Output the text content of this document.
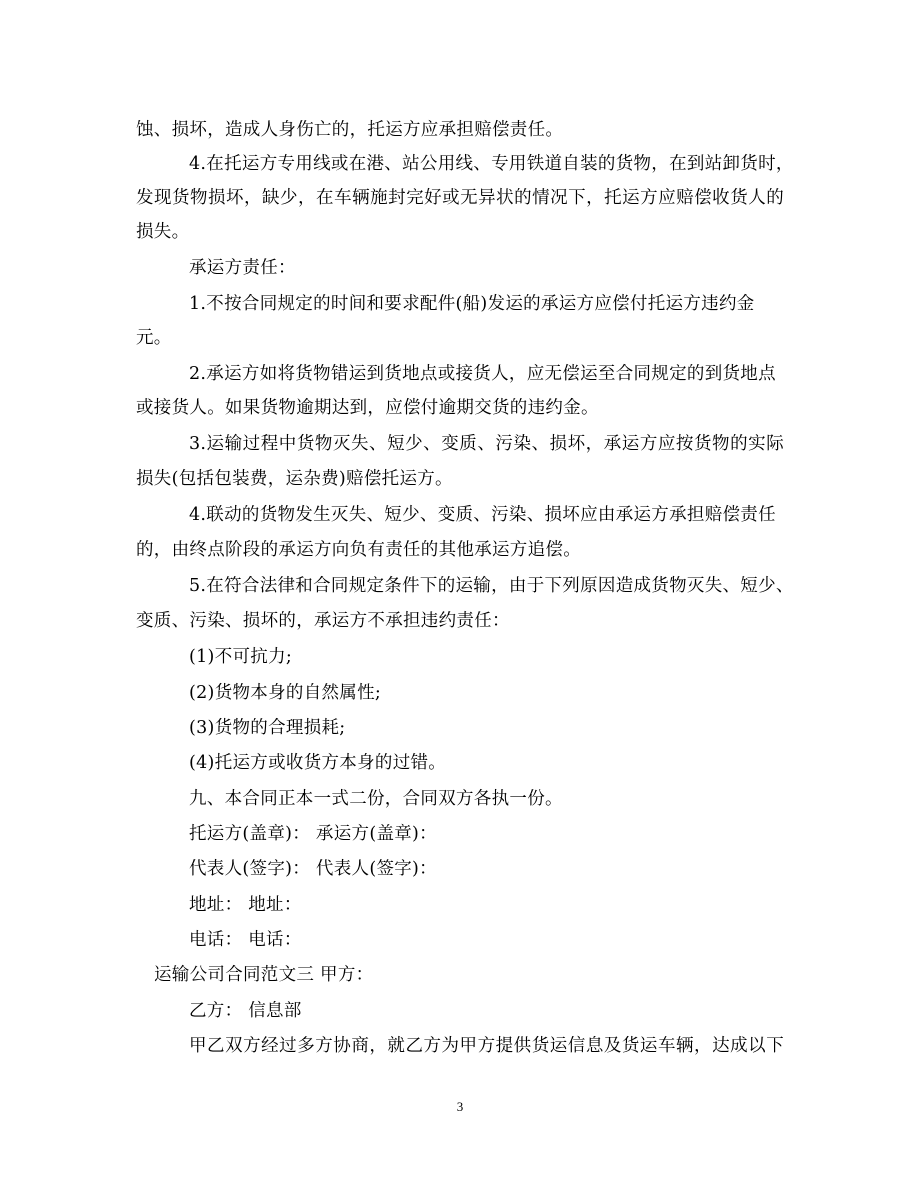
蚀、损坏，造成人身伤亡的，托运方应承担赔偿责任。
4.在托运方专用线或在港、站公用线、专用铁道自装的货物，在到站卸货时，
发现货物损坏，缺少，在车辆施封完好或无异状的情况下，托运方应赔偿收货人的
损失。
承运方责任：
1.不按合同规定的时间和要求配件(船)发运的承运方应偿付托运方违约金
元。
2.承运方如将货物错运到货地点或接货人，应无偿运至合同规定的到货地点
或接货人。如果货物逾期达到，应偿付逾期交货的违约金。
3.运输过程中货物灭失、短少、变质、污染、损坏，承运方应按货物的实际
损失(包括包装费，运杂费)赔偿托运方。
4.联动的货物发生灭失、短少、变质、污染、损坏应由承运方承担赔偿责任
的，由终点阶段的承运方向负有责任的其他承运方追偿。
5.在符合法律和合同规定条件下的运输，由于下列原因造成货物灭失、短少、
变质、污染、损坏的，承运方不承担违约责任：
(1)不可抗力;
(2)货物本身的自然属性;
(3)货物的合理损耗;
(4)托运方或收货方本身的过错。
九、本合同正本一式二份，合同双方各执一份。
托运方(盖章)： 承运方(盖章)：
代表人(签字)： 代表人(签字)：
地址： 地址：
电话： 电话：
运输公司合同范文三 甲方：
乙方： 信息部
甲乙双方经过多方协商，就乙方为甲方提供货运信息及货运车辆，达成以下
3
